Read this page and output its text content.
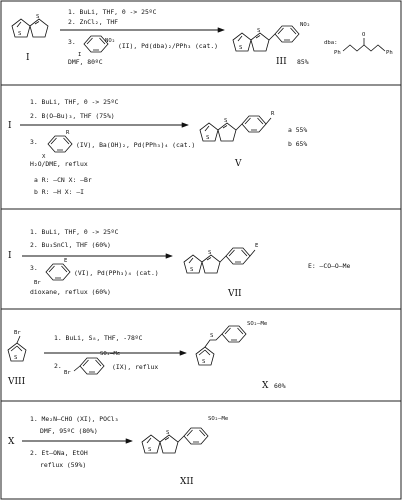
S
S
I
1. BuLi, THF, 0 -> 25ºC
2. ZnCl₂, THF
3.	NO₂
I
(II), Pd(dba)₂/PPh₃ (cat.)
DMF, 80ºC
S
S
NO₂
III 85%
dba:
Ph
O
Ph
I
1. BuLi, THF, 0 -> 25ºC
2. B(O—Bu)₃, THF (75%)
3.
R
X
(IV), Ba(OH)₂, Pd(PPh₃)₄ (cat.)
H₂O/DME, reflux
a R: —CN X: —Br
b R: —H X: —I
S
S
R
V
a 55%
b 65%
I
1. BuLi, THF, 0 -> 25ºC
2. Bu₃SnCl, THF (60%)
3.
E
Br
(VI), Pd(PPh₃)₄ (cat.)
dioxane, reflux (60%)
S
S
E
VII
E: —CO—O—Me
S
Br
VIII
1. BuLi, S₈, THF, -78ºC
2.
Br
SO₂—Me
(IX), reflux
S
S
SO₂—Me
X 60%
X
1. Me₂N—CHO (XI), POCl₃
DMF, 95ºC (80%)
2. Et—ONa, EtOH
reflux (59%)
S
S
SO₂—Me
XII
